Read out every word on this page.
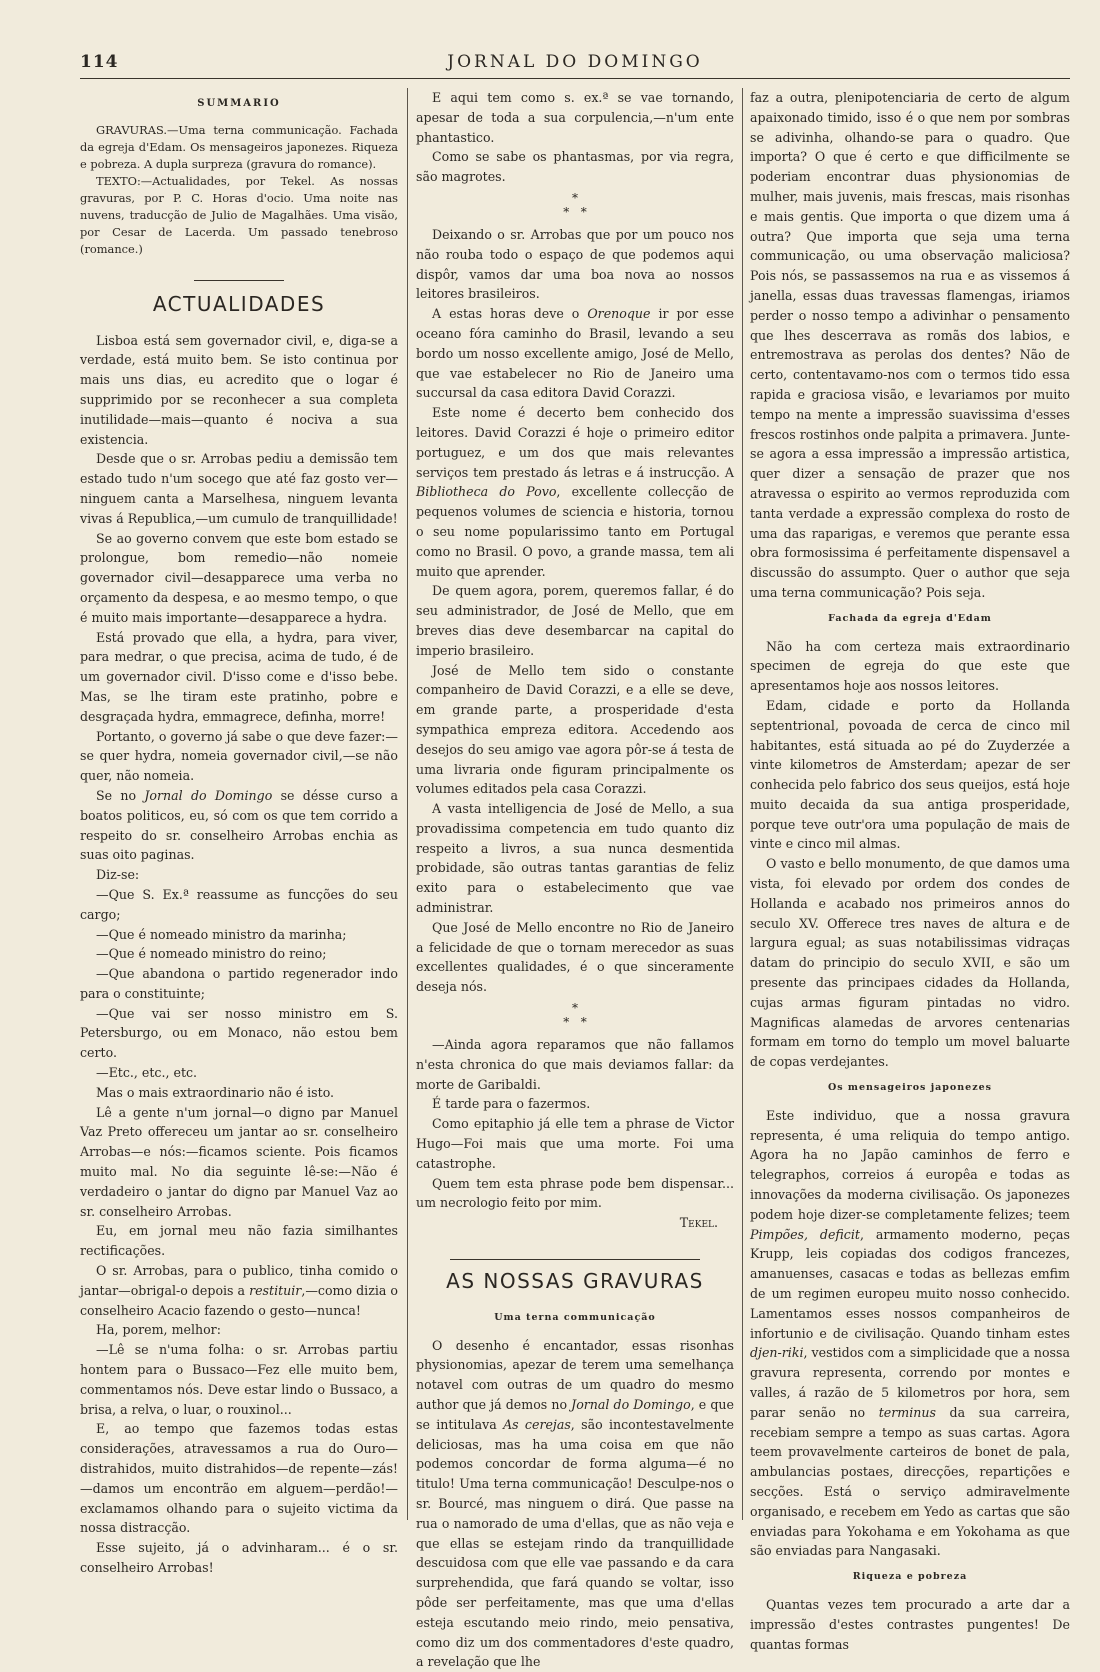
114	JORNAL DO DOMINGO
SUMMARIO

GRAVURAS.—Uma terna communicação. Fachada da egreja d'Edam. Os mensageiros japonezes. Riqueza e pobreza. A dupla surpreza (gravura do romance).

TEXTO:—Actualidades, por Tekel. As nossas gravuras, por P. C. Horas d'ocio. Uma noite nas nuvens, traducção de Julio de Magalhães. Uma visão, por Cesar de Lacerda. Um passado tenebroso (romance.)

ACTUALIDADES

Lisboa está sem governador civil, e, diga-se a verdade, está muito bem. Se isto continua por mais uns dias, eu acredito que o logar é supprimido por se reconhecer a sua completa inutilidade—mais—quanto é nociva a sua existencia.

Desde que o sr. Arrobas pediu a demissão tem estado tudo n'um socego que até faz gosto ver—ninguem canta a Marselhesa, ninguem levanta vivas á Republica,—um cumulo de tranquillidade!

Se ao governo convem que este bom estado se prolongue, bom remedio—não nomeie governador civil—desapparece uma verba no orçamento da despesa, e ao mesmo tempo, o que é muito mais importante—desapparece a hydra.

Está provado que ella, a hydra, para viver, para medrar, o que precisa, acima de tudo, é de um governador civil. D'isso come e d'isso bebe. Mas, se lhe tiram este pratinho, pobre e desgraçada hydra, emmagrece, definha, morre!

Portanto, o governo já sabe o que deve fazer:—se quer hydra, nomeia governador civil,—se não quer, não nomeia.

Se no Jornal do Domingo se désse curso a boatos politicos, eu, só com os que tem corrido a respeito do sr. conselheiro Arrobas enchia as suas oito paginas.

Diz-se:

—Que S. Ex.ª reassume as funcções do seu cargo;

—Que é nomeado ministro da marinha;

—Que é nomeado ministro do reino;

—Que abandona o partido regenerador indo para o constituinte;

—Que vai ser nosso ministro em S. Petersburgo, ou em Monaco, não estou bem certo.

—Etc., etc., etc.

Mas o mais extraordinario não é isto.

Lê a gente n'um jornal—o digno par Manuel Vaz Preto offereceu um jantar ao sr. conselheiro Arrobas—e nós:—ficamos sciente. Pois ficamos muito mal. No dia seguinte lê-se:—Não é verdadeiro o jantar do digno par Manuel Vaz ao sr. conselheiro Arrobas.

Eu, em jornal meu não fazia similhantes rectificações.

O sr. Arrobas, para o publico, tinha comido o jantar—obrigal-o depois a restituir,—como dizia o conselheiro Acacio fazendo o gesto—nunca!

Ha, porem, melhor:

—Lê se n'uma folha: o sr. Arrobas partiu hontem para o Bussaco—Fez elle muito bem, commentamos nós. Deve estar lindo o Bussaco, a brisa, a relva, o luar, o rouxinol...

E, ao tempo que fazemos todas estas considerações, atravessamos a rua do Ouro—distrahidos, muito distrahidos—de repente—zás!—damos um encontrão em alguem—perdão!—exclamamos olhando para o sujeito victima da nossa distracção.

Esse sujeito, já o advinharam... é o sr. conselheiro Arrobas!

E aqui tem como s. ex.ª se vae tornando, apesar de toda a sua corpulencia,—n'um ente phantastico.

Como se sabe os phantasmas, por via regra, são magrotes.

*
*   *

Deixando o sr. Arrobas que por um pouco nos não rouba todo o espaço de que podemos aqui dispôr, vamos dar uma boa nova ao nossos leitores brasileiros.

A estas horas deve o Orenoque ir por esse oceano fóra caminho do Brasil, levando a seu bordo um nosso excellente amigo, José de Mello, que vae estabelecer no Rio de Janeiro uma succursal da casa editora David Corazzi.

Este nome é decerto bem conhecido dos leitores. David Corazzi é hoje o primeiro editor portuguez, e um dos que mais relevantes serviços tem prestado ás letras e á instrucção. A Bibliotheca do Povo, excellente collecção de pequenos volumes de sciencia e historia, tornou o seu nome popularissimo tanto em Portugal como no Brasil. O povo, a grande massa, tem ali muito que aprender.

De quem agora, porem, queremos fallar, é do seu administrador, de José de Mello, que em breves dias deve desembarcar na capital do imperio brasileiro.

José de Mello tem sido o constante companheiro de David Corazzi, e a elle se deve, em grande parte, a prosperidade d'esta sympathica empreza editora. Accedendo aos desejos do seu amigo vae agora pôr-se á testa de uma livraria onde figuram principalmente os volumes editados pela casa Corazzi.

A vasta intelligencia de José de Mello, a sua provadissima competencia em tudo quanto diz respeito a livros, a sua nunca desmentida probidade, são outras tantas garantias de feliz exito para o estabelecimento que vae administrar.

Que José de Mello encontre no Rio de Janeiro a felicidade de que o tornam merecedor as suas excellentes qualidades, é o que sinceramente deseja nós.

*
*   *

—Ainda agora reparamos que não fallamos n'esta chronica do que mais deviamos fallar: da morte de Garibaldi.

É tarde para o fazermos.

Como epitaphio já elle tem a phrase de Victor Hugo—Foi mais que uma morte. Foi uma catastrophe.

Quem tem esta phrase pode bem dispensar... um necrologio feito por mim.

Tekel.
AS NOSSAS GRAVURAS
Uma terna communicação

O desenho é encantador, essas risonhas physionomias, apezar de terem uma semelhança notavel com outras de um quadro do mesmo author que já demos no Jornal do Domingo, e que se intitulava As cerejas, são incontestavelmente deliciosas, mas ha uma coisa em que não podemos concordar de forma alguma—é no titulo! Uma terna communicação! Desculpe-nos o sr. Bourcé, mas ninguem o dirá. Que passe na rua o namorado de uma d'ellas, que as não veja e que ellas se estejam rindo da tranquillidade descuidosa com que elle vae passando e da cara surprehendida, que fará quando se voltar, isso pôde ser perfeitamente, mas que uma d'ellas esteja escutando meio rindo, meio pensativa, como diz um dos commentadores d'este quadro, a revelação que lhe

faz a outra, plenipotenciaria de certo de algum apaixonado timido, isso é o que nem por sombras se adivinha, olhando-se para o quadro. Que importa? O que é certo e que difficilmente se poderiam encontrar duas physionomias de mulher, mais juvenis, mais frescas, mais risonhas e mais gentis. Que importa o que dizem uma á outra? Que importa que seja uma terna communicação, ou uma observação maliciosa? Pois nós, se passassemos na rua e as vissemos á janella, essas duas travessas flamengas, iriamos perder o nosso tempo a adivinhar o pensamento que lhes descerrava as romãs dos labios, e entremostrava as perolas dos dentes? Não de certo, contentavamo-nos com o termos tido essa rapida e graciosa visão, e levariamos por muito tempo na mente a impressão suavissima d'esses frescos rostinhos onde palpita a primavera. Junte-se agora a essa impressão a impressão artistica, quer dizer a sensação de prazer que nos atravessa o espirito ao vermos reproduzida com tanta verdade a expressão complexa do rosto de uma das raparigas, e veremos que perante essa obra formosissima é perfeitamente dispensavel a discussão do assumpto. Quer o author que seja uma terna communicação? Pois seja.

Fachada da egreja d'Edam

Não ha com certeza mais extraordinario specimen de egreja do que este que apresentamos hoje aos nossos leitores.

Edam, cidade e porto da Hollanda septentrional, povoada de cerca de cinco mil habitantes, está situada ao pé do Zuyderzée a vinte kilometros de Amsterdam; apezar de ser conhecida pelo fabrico dos seus queijos, está hoje muito decaida da sua antiga prosperidade, porque teve outr'ora uma população de mais de vinte e cinco mil almas.

O vasto e bello monumento, de que damos uma vista, foi elevado por ordem dos condes de Hollanda e acabado nos primeiros annos do seculo XV. Offerece tres naves de altura e de largura egual; as suas notabilissimas vidraças datam do principio do seculo XVII, e são um presente das principaes cidades da Hollanda, cujas armas figuram pintadas no vidro. Magnificas alamedas de arvores centenarias formam em torno do templo um movel baluarte de copas verdejantes.

Os mensageiros japonezes

Este individuo, que a nossa gravura representa, é uma reliquia do tempo antigo. Agora ha no Japão caminhos de ferro e telegraphos, correios á europêa e todas as innovações da moderna civilisação. Os japonezes podem hoje dizer-se completamente felizes; teem Pimpões, deficit, armamento moderno, peças Krupp, leis copiadas dos codigos francezes, amanuenses, casacas e todas as bellezas emfim de um regimen europeu muito nosso conhecido. Lamentamos esses nossos companheiros de infortunio e de civilisação. Quando tinham estes djen-riki, vestidos com a simplicidade que a nossa gravura representa, correndo por montes e valles, á razão de 5 kilometros por hora, sem parar senão no terminus da sua carreira, recebiam sempre a tempo as suas cartas. Agora teem provavelmente carteiros de bonet de pala, ambulancias postaes, direcções, repartições e secções. Está o serviço admiravelmente organisado, e recebem em Yedo as cartas que são enviadas para Yokohama e em Yokohama as que são enviadas para Nangasaki.

Riqueza e pobreza

Quantas vezes tem procurado a arte dar a impressão d'estes contrastes pungentes! De quantas formas
